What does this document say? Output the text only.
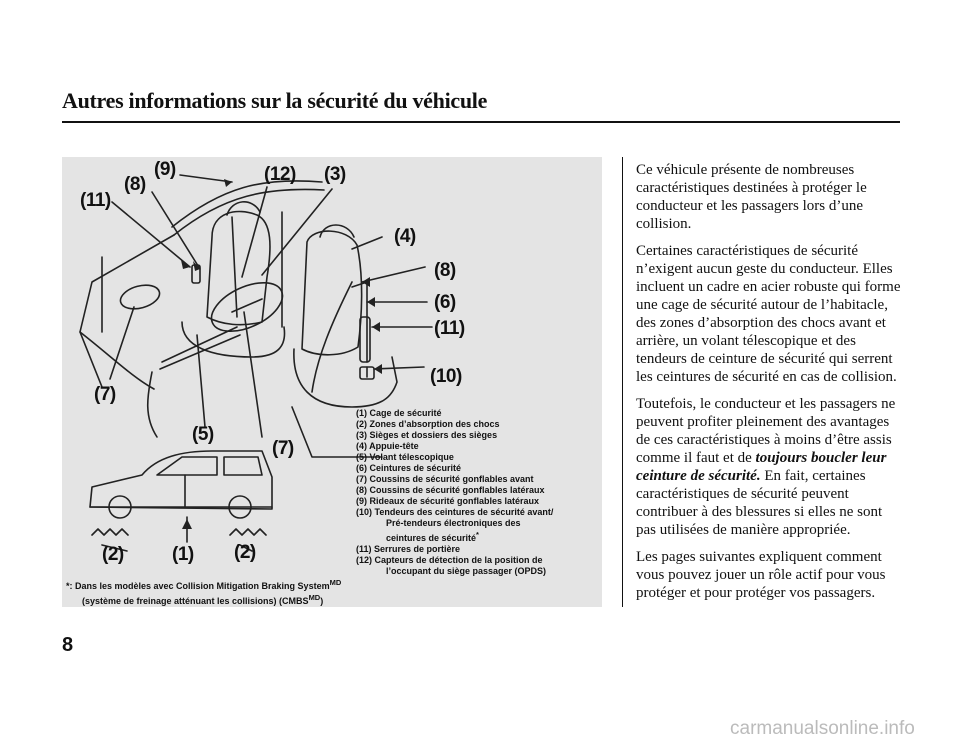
Autres informations sur la sécurité du véhicule
(9)	(12) (3)
(8)
(11)
(4)
(8)
(6)
(11)
(10)
(7)
(5)
(7)
(2)	(1) (2)
(1) Cage de sécurité
(2) Zones d’absorption des chocs
(3) Sièges et dossiers des sièges
(4) Appuie-tête
(5) Volant télescopique
(6) Ceintures de sécurité
(7) Coussins de sécurité gonflables avant
(8) Coussins de sécurité gonflables latéraux
(9) Rideaux de sécurité gonflables latéraux
(10) Tendeurs des ceintures de sécurité avant/
Pré-tendeurs électroniques des
ceintures de sécurité*
(11) Serrures de portière
(12) Capteurs de détection de la position de
l’occupant du siège passager (OPDS)
*: Dans les modèles avec Collision Mitigation Braking System$^{MD}$
(système de freinage atténuant les collisions) $(CMBS^{MD})$

Ce véhicule présente de nombreuses caractéristiques destinées à protéger le conducteur et les passagers lors d’une collision.

Certaines caractéristiques de sécurité n’exigent aucun geste du conducteur. Elles incluent un cadre en acier robuste qui forme une cage de sécurité autour de l’habitacle, des zones d’absorption des chocs avant et arrière, un volant télescopique et des tendeurs de ceinture de sécurité qui serrent les ceintures de sécurité en cas de collision.

Toutefois, le conducteur et les passagers ne peuvent profiter pleinement des avantages de ces caractéristiques à moins d’être assis comme il faut et de toujours boucler leur ceinture de sécurité. En fait, certaines caractéristiques de sécurité peuvent contribuer à des blessures si elles ne sont pas utilisées de manière appropriée.

Les pages suivantes expliquent comment vous pouvez jouer un rôle actif pour vous protéger et pour protéger vos passagers.

8
carmanualsonline.info
